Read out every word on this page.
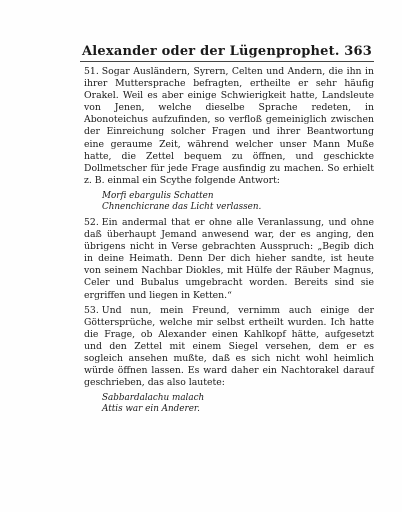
Alexander oder der Lügenprophet. 363

51. Sogar Ausländern, Syrern, Celten und Andern, die ihn in ihrer Muttersprache befragten, ertheilte er sehr häufig Orakel. Weil es aber einige Schwierigkeit hatte, Landsleute von Jenen, welche dieselbe Sprache redeten, in Abonoteichus aufzufinden, so verfloß gemeiniglich zwischen der Einreichung solcher Fragen und ihrer Beantwortung eine geraume Zeit, während welcher unser Mann Muße hatte, die Zettel bequem zu öffnen, und geschickte Dollmetscher für jede Frage ausfindig zu machen. So erhielt z. B. einmal ein Scythe folgende Antwort:

Morfi ebargulis Schatten
Chnenchicrane das Licht verlassen.

52. Ein andermal that er ohne alle Veranlassung, und ohne daß überhaupt Jemand anwesend war, der es anging, den übrigens nicht in Verse gebrachten Ausspruch: „Begib dich in deine Heimath. Denn Der dich hieher sandte, ist heute von seinem Nachbar Diokles, mit Hülfe der Räuber Magnus, Celer und Bubalus umgebracht worden. Bereits sind sie ergriffen und liegen in Ketten.“

53. Und nun, mein Freund, vernimm auch einige der Göttersprüche, welche mir selbst ertheilt wurden. Ich hatte die Frage, ob Alexander einen Kahlkopf hätte, aufgesetzt und den Zettel mit einem Siegel versehen, dem er es sogleich ansehen mußte, daß es sich nicht wohl heimlich würde öffnen lassen. Es ward daher ein Nachtorakel darauf geschrieben, das also lautete:

Sabbardalachu malach
Attis war ein Anderer.
